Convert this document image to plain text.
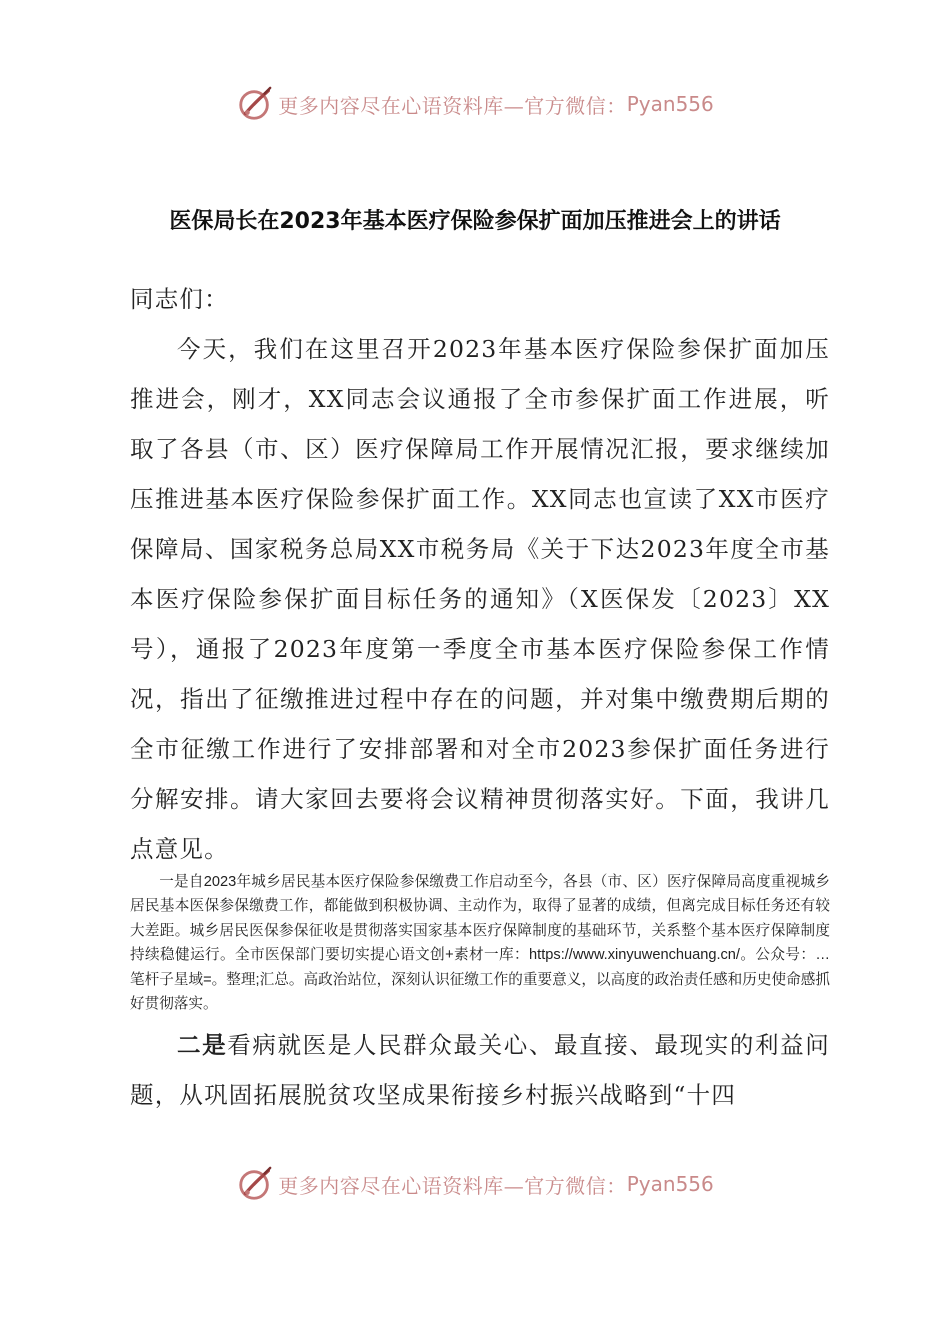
更多内容尽在心语资料库—官方微信： Pyan556
医保局长在2023年基本医疗保险参保扩面加压推进会上的讲话
同志们：
今天，我们在这里召开2023年基本医疗保险参保扩面加压推进会，刚才，XX同志会议通报了全市参保扩面工作进展，听取了各县（市、区）医疗保障局工作开展情况汇报，要求继续加压推进基本医疗保险参保扩面工作。XX同志也宣读了XX市医疗保障局、国家税务总局XX市税务局《关于下达2023年度全市基本医疗保险参保扩面目标任务的通知》（X医保发〔2023〕XX号），通报了2023年度第一季度全市基本医疗保险参保工作情况，指出了征缴推进过程中存在的问题，并对集中缴费期后期的全市征缴工作进行了安排部署和对全市2023参保扩面任务进行分解安排。请大家回去要将会议精神贯彻落实好。下面，我讲几点意见。
一是自2023年城乡居民基本医疗保险参保缴费工作启动至今，各县（市、区）医疗保障局高度重视城乡居民基本医保参保缴费工作，都能做到积极协调、主动作为，取得了显著的成绩，但离完成目标任务还有较大差距。城乡居民医保参保征收是贯彻落实国家基本医疗保障制度的基础环节，关系整个基本医疗保障制度持续稳健运行。全市医保部门要切实提心语文创+素材一库：https://www.xinyuwenchuang.cn/。公众号：…笔杆子星域=。整理;汇总。高政治站位，深刻认识征缴工作的重要意义，以高度的政治责任感和历史使命感抓好贯彻落实。
二是看病就医是人民群众最关心、最直接、最现实的利益问题，从巩固拓展脱贫攻坚成果衔接乡村振兴战略到“十四
更多内容尽在心语资料库—官方微信： Pyan556
